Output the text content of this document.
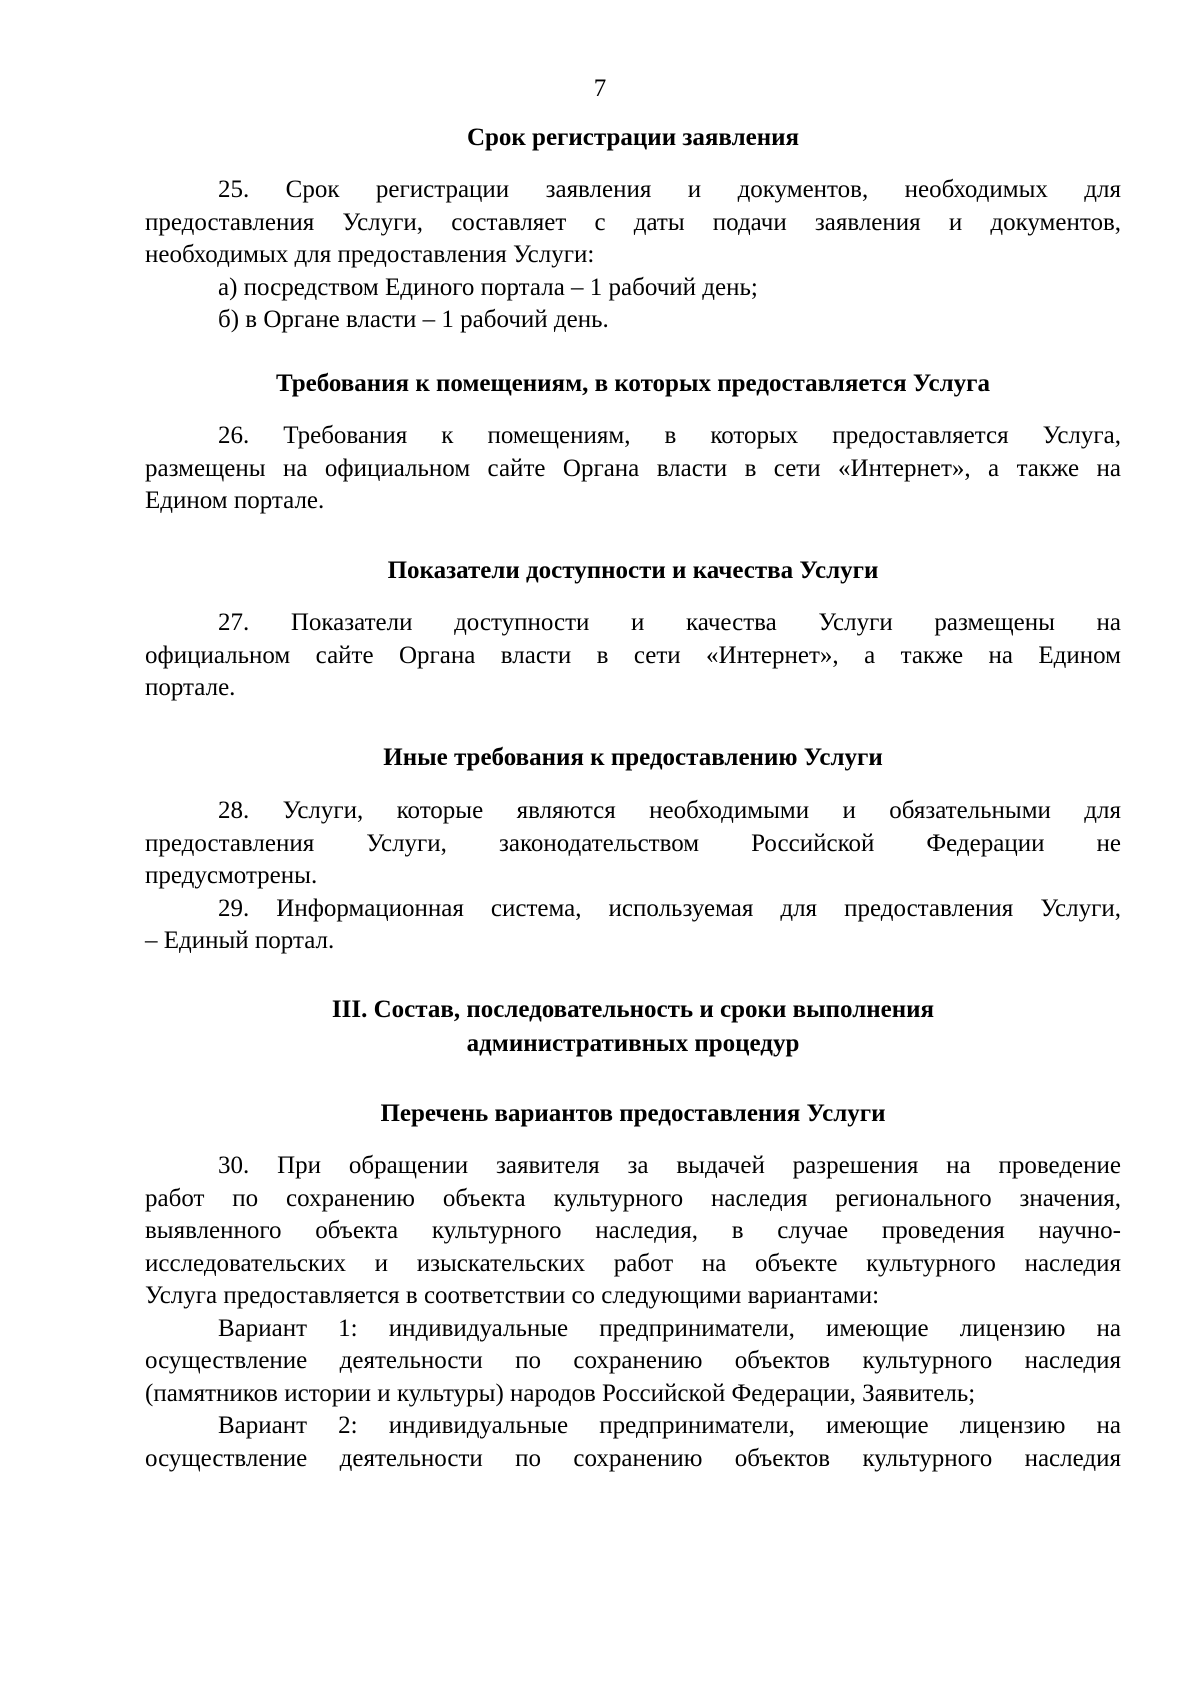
7
Срок регистрации заявления
25. Срок регистрации заявления и документов, необходимых для
предоставления Услуги, составляет с даты подачи заявления и документов,
необходимых для предоставления Услуги:
а) посредством Единого портала – 1 рабочий день;
б) в Органе власти – 1 рабочий день.
Требования к помещениям, в которых предоставляется Услуга
26. Требования к помещениям, в которых предоставляется Услуга,
размещены на официальном сайте Органа власти в сети «Интернет», а также на
Едином портале.
Показатели доступности и качества Услуги
27. Показатели доступности и качества Услуги размещены на
официальном сайте Органа власти в сети «Интернет», а также на Едином
портале.
Иные требования к предоставлению Услуги
28. Услуги, которые являются необходимыми и обязательными для
предоставления Услуги, законодательством Российской Федерации не
предусмотрены.
29. Информационная система, используемая для предоставления Услуги,
– Единый портал.
III. Состав, последовательность и сроки выполнения
административных процедур
Перечень вариантов предоставления Услуги
30. При обращении заявителя за выдачей разрешения на проведение
работ по сохранению объекта культурного наследия регионального значения,
выявленного объекта культурного наследия, в случае проведения научно-
исследовательских и изыскательских работ на объекте культурного наследия
Услуга предоставляется в соответствии со следующими вариантами:
Вариант 1: индивидуальные предприниматели, имеющие лицензию на
осуществление деятельности по сохранению объектов культурного наследия
(памятников истории и культуры) народов Российской Федерации, Заявитель;
Вариант 2: индивидуальные предприниматели, имеющие лицензию на
осуществление деятельности по сохранению объектов культурного наследия
